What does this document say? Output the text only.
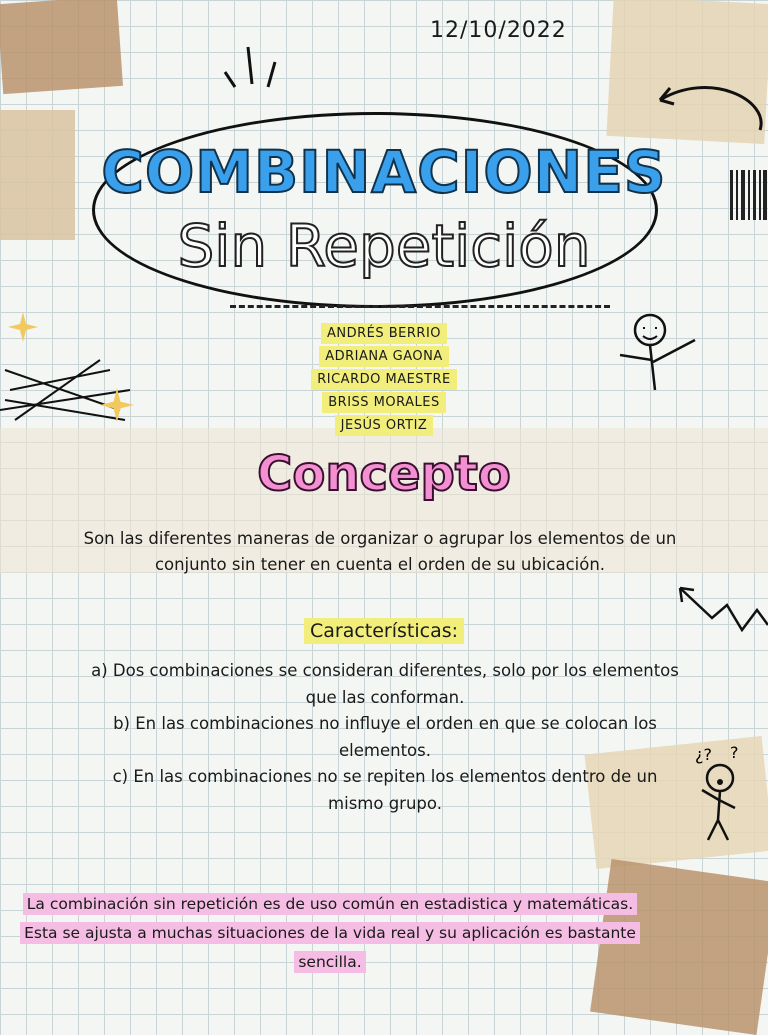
¿? ?
12/10/2022
COMBINACIONES
Sin Repetición
ANDRÉS BERRIO
ADRIANA GAONA
RICARDO MAESTRE
BRISS MORALES
JESÚS ORTIZ
Concepto
Son las diferentes maneras de organizar o agrupar los elementos de un conjunto sin tener en cuenta el orden de su ubicación.
Características:
a) Dos combinaciones se consideran diferentes, solo por los elementos que las conforman.
b) En las combinaciones no influye el orden en que se colocan los elementos.
c) En las combinaciones no se repiten los elementos dentro de un mismo grupo.
La combinación sin repetición es de uso común en estadistica y matemáticas. Esta se ajusta a muchas situaciones de la vida real y su aplicación es bastante sencilla.
